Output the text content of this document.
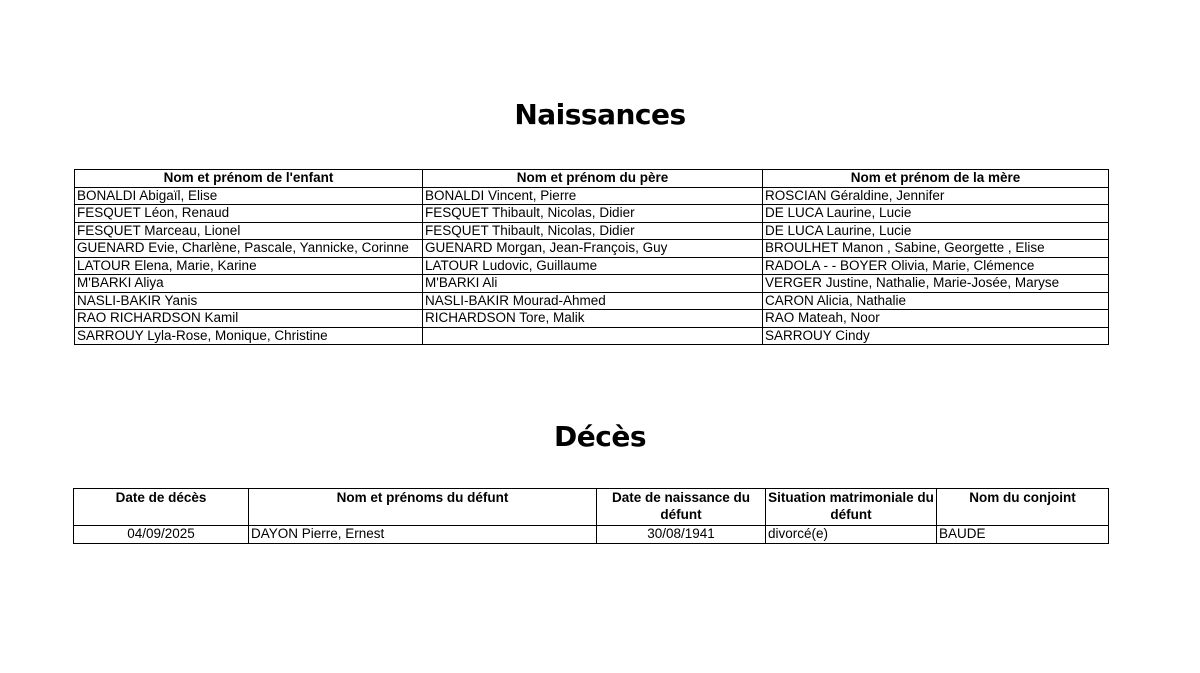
Naissances
Nom et prénom de l'enfant	Nom et prénom du père	Nom et prénom de la mère
BONALDI Abigaïl, Elise	BONALDI Vincent, Pierre	ROSCIAN Géraldine, Jennifer
FESQUET Léon, Renaud	FESQUET Thibault, Nicolas, Didier	DE LUCA Laurine, Lucie
FESQUET Marceau, Lionel	FESQUET Thibault, Nicolas, Didier	DE LUCA Laurine, Lucie
GUENARD Evie, Charlène, Pascale, Yannicke, Corinne	GUENARD Morgan, Jean-François, Guy	BROULHET Manon , Sabine, Georgette , Elise
LATOUR Elena, Marie, Karine	LATOUR Ludovic, Guillaume	RADOLA - - BOYER Olivia, Marie, Clémence
M'BARKI Aliya	M'BARKI Ali	VERGER Justine, Nathalie, Marie-Josée, Maryse
NASLI-BAKIR Yanis	NASLI-BAKIR Mourad-Ahmed	CARON Alicia, Nathalie
RAO RICHARDSON Kamil	RICHARDSON Tore, Malik	RAO Mateah, Noor
SARROUY Lyla-Rose, Monique, Christine		SARROUY Cindy
Décès
Date de décès	Nom et prénoms du défunt	Date de naissance du défunt	Situation matrimoniale du défunt	Nom du conjoint
04/09/2025	DAYON Pierre, Ernest	30/08/1941	divorcé(e)	BAUDE
